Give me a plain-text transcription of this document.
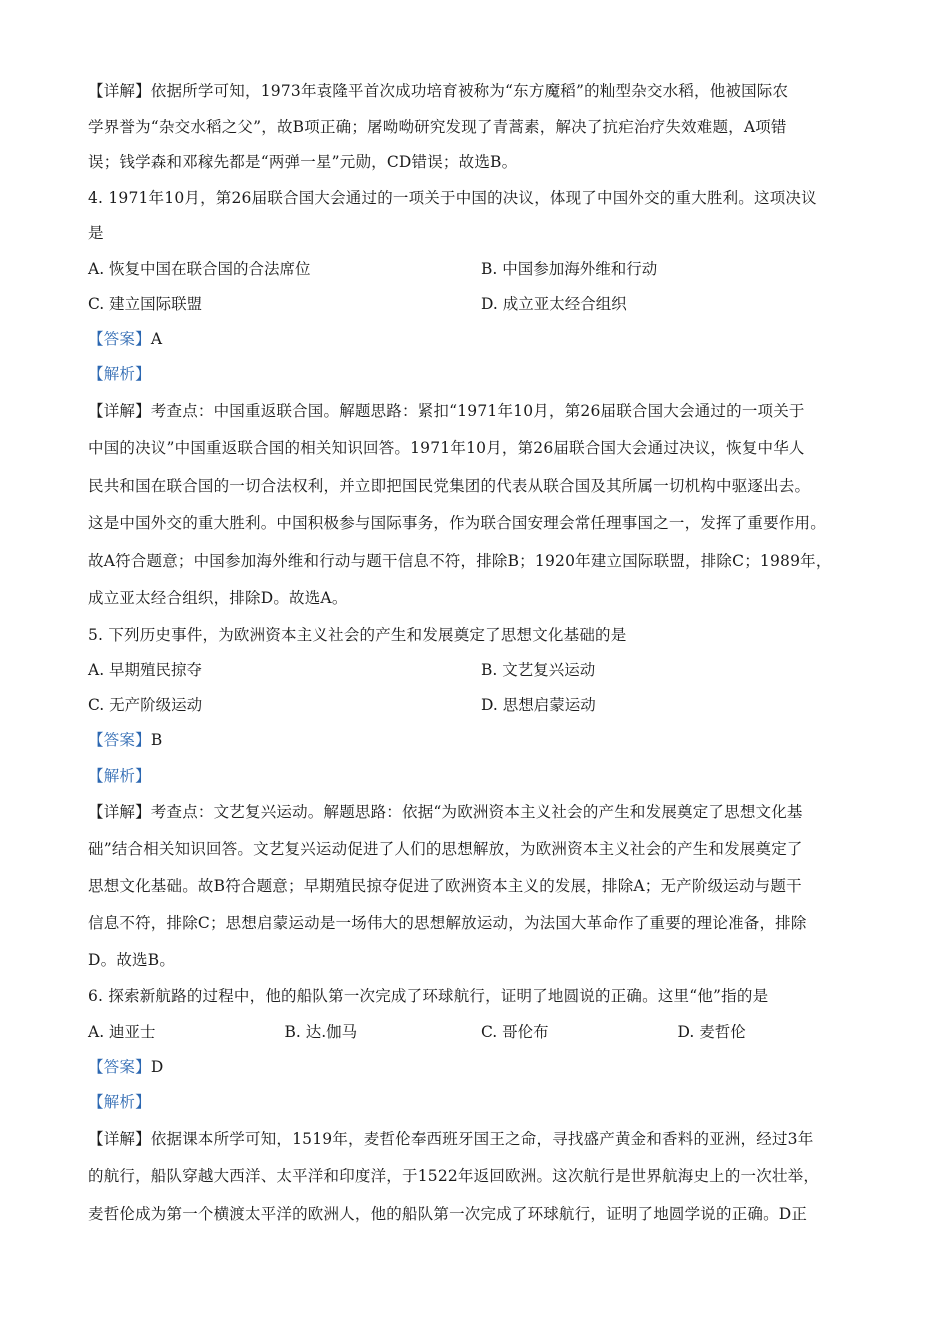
【详解】依据所学可知，1973年袁隆平首次成功培育被称为“东方魔稻”的籼型杂交水稻，他被国际农
学界誉为“杂交水稻之父”，故B项正确；屠呦呦研究发现了青蒿素，解决了抗疟治疗失效难题，A项错
误；钱学森和邓稼先都是“两弹一星”元勋，CD错误；故选B。
4. 1971年10月，第26届联合国大会通过的一项关于中国的决议，体现了中国外交的重大胜利。这项决议
是
A. 恢复中国在联合国的合法席位	B. 中国参加海外维和行动
C. 建立国际联盟	D. 成立亚太经合组织
【答案】A
【解析】
【详解】考查点：中国重返联合国。解题思路：紧扣“1971年10月，第26届联合国大会通过的一项关于
中国的决议”中国重返联合国的相关知识回答。1971年10月，第26届联合国大会通过决议，恢复中华人
民共和国在联合国的一切合法权利，并立即把国民党集团的代表从联合国及其所属一切机构中驱逐出去。
这是中国外交的重大胜利。中国积极参与国际事务，作为联合国安理会常任理事国之一，发挥了重要作用。
故A符合题意；中国参加海外维和行动与题干信息不符，排除B；1920年建立国际联盟，排除C；1989年，
成立亚太经合组织，排除D。故选A。
5. 下列历史事件，为欧洲资本主义社会的产生和发展奠定了思想文化基础的是
A. 早期殖民掠夺	B. 文艺复兴运动
C. 无产阶级运动	D. 思想启蒙运动
【答案】B
【解析】
【详解】考查点：文艺复兴运动。解题思路：依据“为欧洲资本主义社会的产生和发展奠定了思想文化基
础”结合相关知识回答。文艺复兴运动促进了人们的思想解放，为欧洲资本主义社会的产生和发展奠定了
思想文化基础。故B符合题意；早期殖民掠夺促进了欧洲资本主义的发展，排除A；无产阶级运动与题干
信息不符，排除C；思想启蒙运动是一场伟大的思想解放运动，为法国大革命作了重要的理论准备，排除
D。故选B。
6. 探索新航路的过程中，他的船队第一次完成了环球航行，证明了地圆说的正确。这里“他”指的是
A. 迪亚士	B. 达.伽马	C. 哥伦布	D. 麦哲伦
【答案】D
【解析】
【详解】依据课本所学可知，1519年，麦哲伦奉西班牙国王之命，寻找盛产黄金和香料的亚洲，经过3年
的航行，船队穿越大西洋、太平洋和印度洋，于1522年返回欧洲。这次航行是世界航海史上的一次壮举，
麦哲伦成为第一个横渡太平洋的欧洲人，他的船队第一次完成了环球航行，证明了地圆学说的正确。D正
